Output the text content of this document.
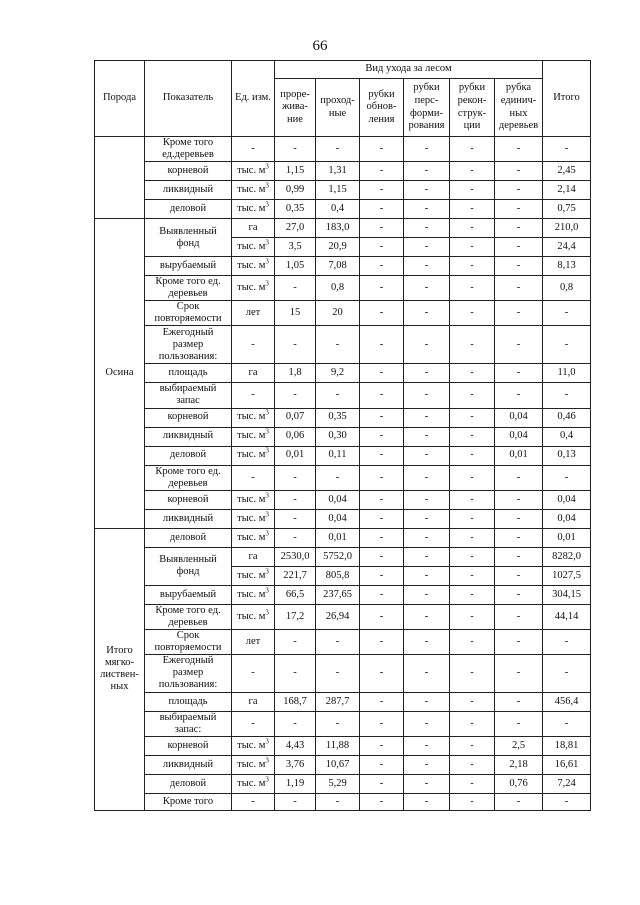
66
Порода	Показатель	Ед. изм.	Вид ухода за лесом						Итого
			проре-жива-ние	проход-ные	рубки обнов-ления	рубки перс-форми-рования	рубки рекон-струк-ции	рубка единич-ных деревьев	
	Кроме того ед.деревьев	-	-	-	-	-	-	-	-
	корневой	тыс. $м^3$	1,15	1,31	-	-	-	-	2,45
	ликвидный	тыс. $м^3$	0,99	1,15	-	-	-	-	2,14
	деловой	тыс. $м^3$	0,35	0,4	-	-	-	-	0,75
Осина	Выявленный фонд	га	27,0	183,0	-	-	-	-	210,0
		тыс. $м^3$	3,5	20,9	-	-	-	-	24,4
	вырубаемый	тыс. $м^3$	1,05	7,08	-	-	-	-	8,13
	Кроме того ед. деревьев	тыс. $м^3$	-	0,8	-	-	-	-	0,8
	Срок повторяемости	лет	15	20	-	-	-	-	-
	Ежегодный размер пользования:	-	-	-	-	-	-	-	-
	площадь	га	1,8	9,2	-	-	-	-	11,0
	выбираемый запас	-	-	-	-	-	-	-	-
	корневой	тыс. $м^3$	0,07	0,35	-	-	-	0,04	0,46
	ликвидный	тыс. $м^3$	0,06	0,30	-	-	-	0,04	0,4
	деловой	тыс. $м^3$	0,01	0,11	-	-	-	0,01	0,13
	Кроме того ед. деревьев	-	-	-	-	-	-	-	-
	корневой	тыс. $м^3$	-	0,04	-	-	-	-	0,04
	ликвидный	тыс. $м^3$	-	0,04	-	-	-	-	0,04
Итого мягко-листвен-ных	деловой	тыс. $м^3$	-	0,01	-	-	-	-	0,01
	Выявленный фонд	га	2530,0	5752,0	-	-	-	-	8282,0
		тыс. $м^3$	221,7	805,8	-	-	-	-	1027,5
	вырубаемый	тыс. $м^3$	66,5	237,65	-	-	-	-	304,15
	Кроме того ед. деревьев	тыс. $м^3$	17,2	26,94	-	-	-	-	44,14
	Срок повторяемости	лет	-	-	-	-	-	-	-
	Ежегодный размер пользования:	-	-	-	-	-	-	-	-
	площадь	га	168,7	287,7	-	-	-	-	456,4
	выбираемый запас:	-	-	-	-	-	-	-	-
	корневой	тыс. $м^3$	4,43	11,88	-	-	-	2,5	18,81
	ликвидный	тыс. $м^3$	3,76	10,67	-	-	-	2,18	16,61
	деловой	тыс. $м^3$	1,19	5,29	-	-	-	0,76	7,24
	Кроме того	-	-	-	-	-	-	-	-
